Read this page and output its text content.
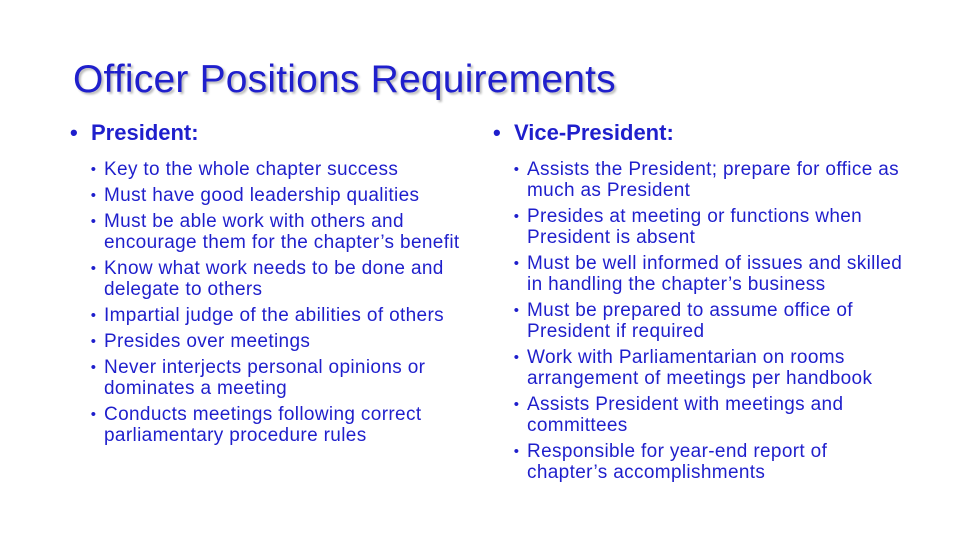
Officer Positions Requirements
• President:
• Key to the whole chapter success
• Must have good leadership qualities
• Must be able work with others and encourage them for the chapter’s benefit
• Know what work needs to be done and delegate to others
• Impartial judge of the abilities of others
• Presides over meetings
• Never interjects personal opinions or dominates a meeting
• Conducts meetings following correct parliamentary procedure rules
• Vice-President:
• Assists the President; prepare for office as much as President
• Presides at meeting or functions when President is absent
• Must be well informed of issues and skilled in handling the chapter’s business
• Must be prepared to assume office of President if required
• Work with Parliamentarian on rooms arrangement of meetings per handbook
• Assists President with meetings and committees
• Responsible for year-end report of chapter’s accomplishments
